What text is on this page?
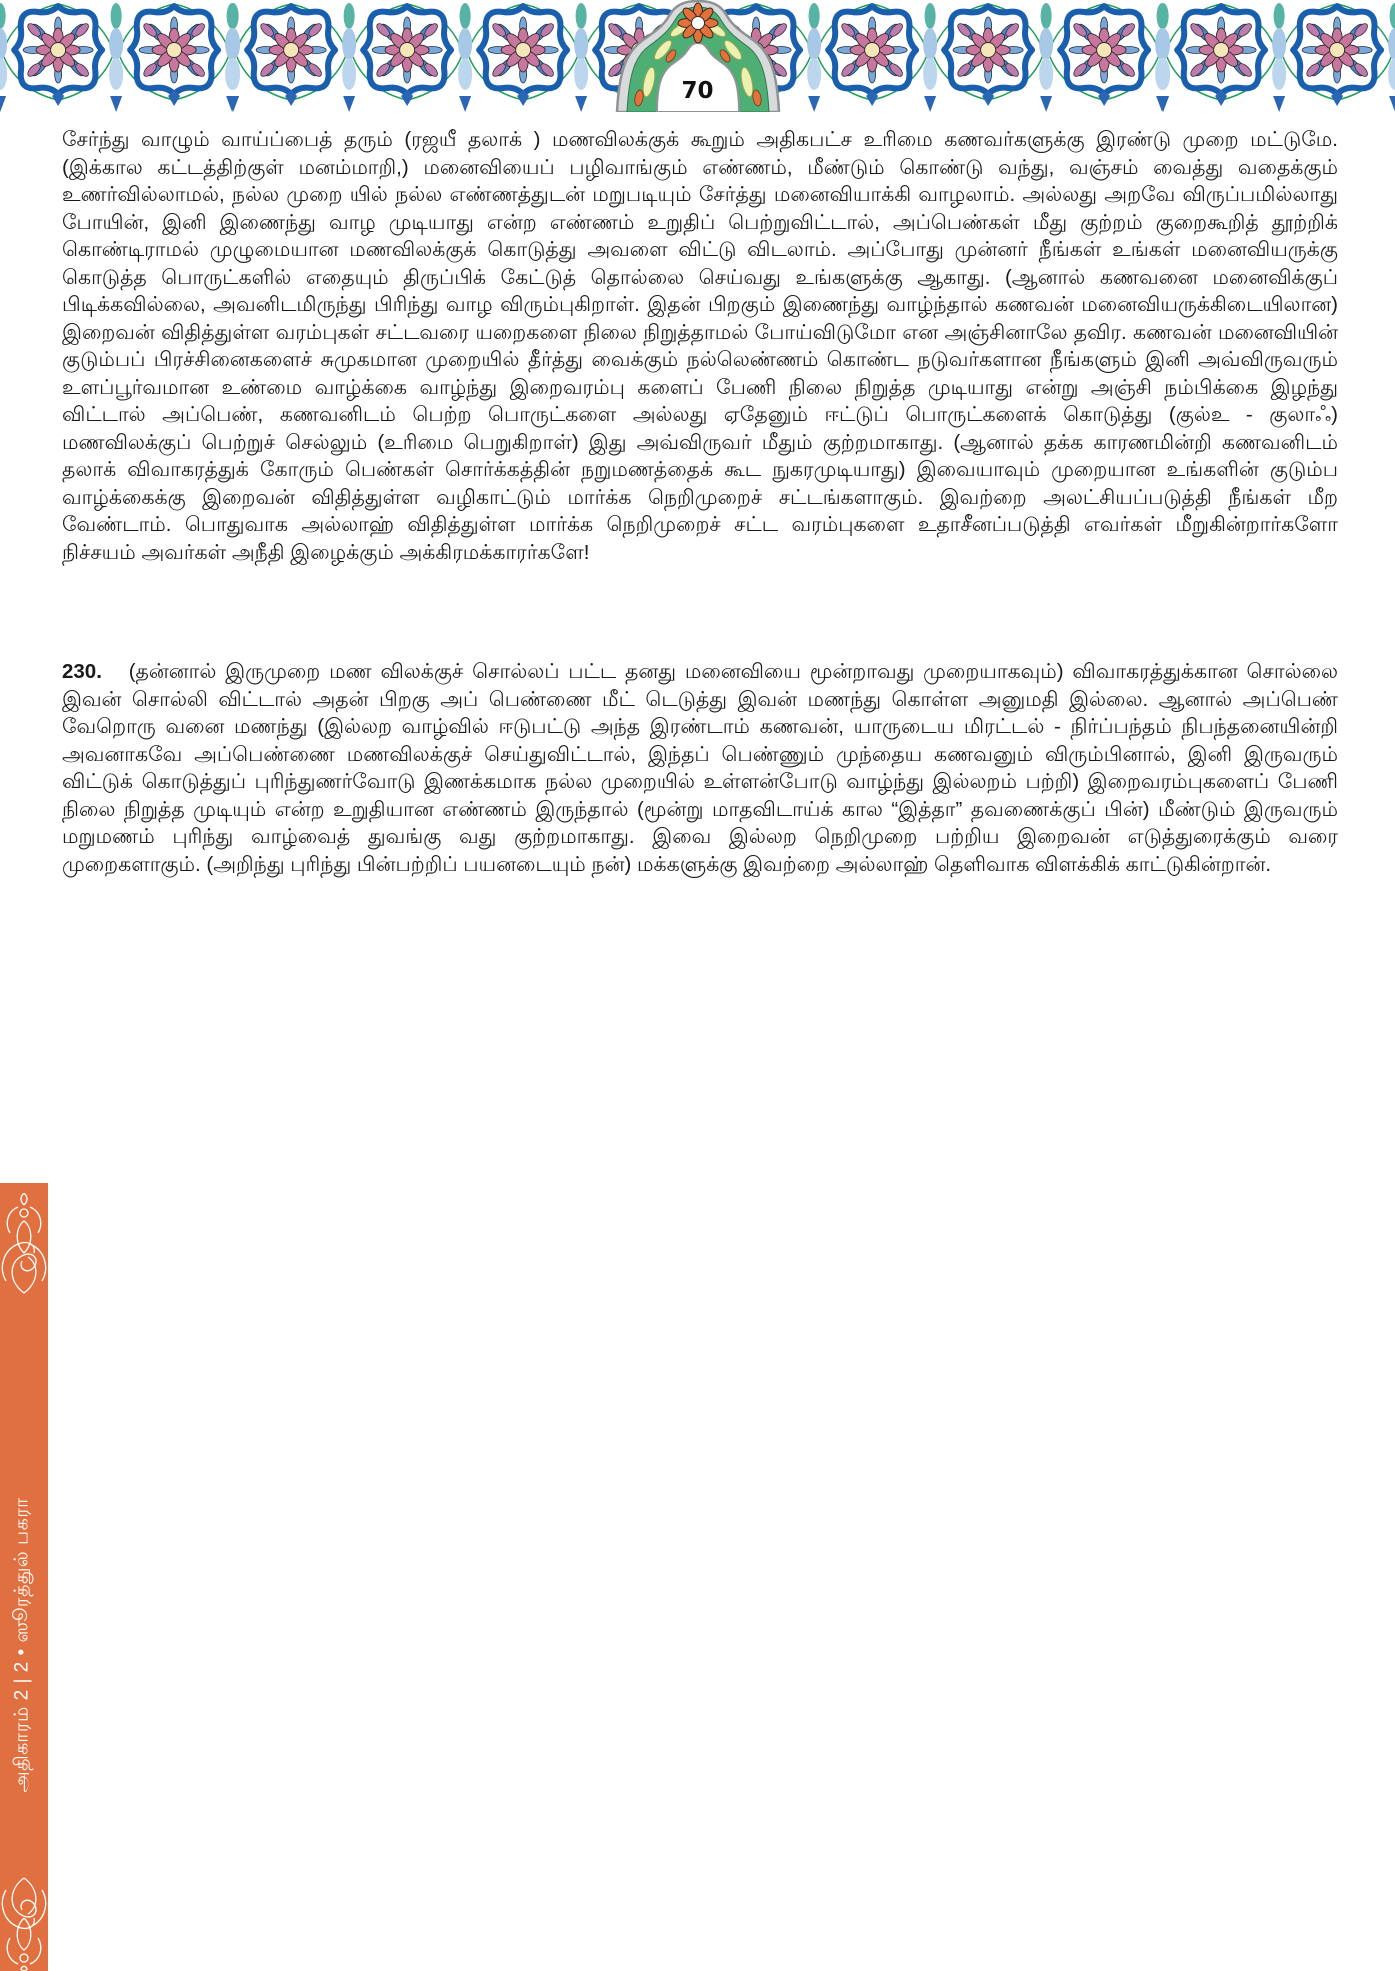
70

சேர்ந்து வாழும் வாய்ப்பைத் தரும் (ரஜயீ தலாக் ) மணவிலக்குக் கூறும் அதிகபட்ச உரிமை கணவர்களுக்கு இரண்டு முறை மட்டுமே. (இக்கால கட்டத்திற்குள் மனம்மாறி,) மனைவியைப் பழிவாங்கும் எண்ணம், மீண்டும் கொண்டு வந்து, வஞ்சம் வைத்து வதைக்கும் உணர்வில்லாமல், நல்ல முறை யில் நல்ல எண்ணத்துடன் மறுபடியும் சேர்த்து மனைவியாக்கி வாழலாம். அல்லது அறவே விருப்பமில்லாது போயின், இனி இணைந்து வாழ முடியாது என்ற எண்ணம் உறுதிப் பெற்றுவிட்டால், அப்பெண்கள் மீது குற்றம் குறைகூறித் தூற்றிக் கொண்டிராமல் முழுமையான மணவிலக்குக் கொடுத்து அவளை விட்டு விடலாம். அப்போது முன்னர் நீங்கள் உங்கள் மனைவியருக்கு கொடுத்த பொருட்களில் எதையும் திருப்பிக் கேட்டுத் தொல்லை செய்வது உங்களுக்கு ஆகாது. (ஆனால் கணவனை மனைவிக்குப் பிடிக்கவில்லை, அவனிடமிருந்து பிரிந்து வாழ விரும்புகிறாள். இதன் பிறகும் இணைந்து வாழ்ந்தால் கணவன் மனைவியருக்கிடையிலான) இறைவன் விதித்துள்ள வரம்புகள் சட்டவரை யறைகளை நிலை நிறுத்தாமல் போய்விடுமோ என அஞ்சினாலே தவிர. கணவன் மனைவியின் குடும்பப் பிரச்சினைகளைச் சுமுகமான முறையில் தீர்த்து வைக்கும் நல்லெண்ணம் கொண்ட நடுவர்களான நீங்களும் இனி அவ்விருவரும் உளப்பூர்வமான உண்மை வாழ்க்கை வாழ்ந்து இறைவரம்பு களைப் பேணி நிலை நிறுத்த முடியாது என்று அஞ்சி நம்பிக்கை இழந்து விட்டால் அப்பெண், கணவனிடம் பெற்ற பொருட்களை அல்லது ஏதேனும் ஈட்டுப் பொருட்களைக் கொடுத்து (குல்உ - குலாஃ) மணவிலக்குப் பெற்றுச் செல்லும் (உரிமை பெறுகிறாள்) இது அவ்விருவர் மீதும் குற்றமாகாது. (ஆனால் தக்க காரணமின்றி கணவனிடம் தலாக் விவாகரத்துக் கோரும் பெண்கள் சொர்க்கத்தின் நறுமணத்தைக் கூட நுகரமுடியாது) இவையாவும் முறையான உங்களின் குடும்ப வாழ்க்கைக்கு இறைவன் விதித்துள்ள வழிகாட்டும் மார்க்க நெறிமுறைச் சட்டங்களாகும். இவற்றை அலட்சியப்படுத்தி நீங்கள் மீற வேண்டாம். பொதுவாக அல்லாஹ் விதித்துள்ள மார்க்க நெறிமுறைச் சட்ட வரம்புகளை உதாசீனப்படுத்தி எவர்கள் மீறுகின்றார்களோ நிச்சயம் அவர்கள் அநீதி இழைக்கும் அக்கிரமக்காரர்களே!

230. (தன்னால் இருமுறை மண விலக்குச் சொல்லப் பட்ட தனது மனைவியை மூன்றாவது முறையாகவும்) விவாகரத்துக்கான சொல்லை இவன் சொல்லி விட்டால் அதன் பிறகு அப் பெண்ணை மீட் டெடுத்து இவன் மணந்து கொள்ள அனுமதி இல்லை. ஆனால் அப்பெண் வேறொரு வனை மணந்து (இல்லற வாழ்வில் ஈடுபட்டு அந்த இரண்டாம் கணவன், யாருடைய மிரட்டல் - நிர்ப்பந்தம் நிபந்தனையின்றி அவனாகவே அப்பெண்ணை மணவிலக்குச் செய்துவிட்டால், இந்தப் பெண்ணும் முந்தைய கணவனும் விரும்பினால், இனி இருவரும் விட்டுக் கொடுத்துப் புரிந்துணர்வோடு இணக்கமாக நல்ல முறையில் உள்ளன்போடு வாழ்ந்து இல்லறம் பற்றி) இறைவரம்புகளைப் பேணி நிலை நிறுத்த முடியும் என்ற உறுதியான எண்ணம் இருந்தால் (மூன்று மாதவிடாய்க் கால “இத்தா” தவணைக்குப் பின்) மீண்டும் இருவரும் மறுமணம் புரிந்து வாழ்வைத் துவங்கு வது குற்றமாகாது. இவை இல்லற நெறிமுறை பற்றிய இறைவன் எடுத்துரைக்கும் வரை முறைகளாகும். (அறிந்து புரிந்து பின்பற்றிப் பயனடையும் நன்) மக்களுக்கு இவற்றை அல்லாஹ் தெளிவாக விளக்கிக் காட்டுகின்றான்.

அதிகாரம் 2 | 2 • ஸூரத்துல் பகரா
